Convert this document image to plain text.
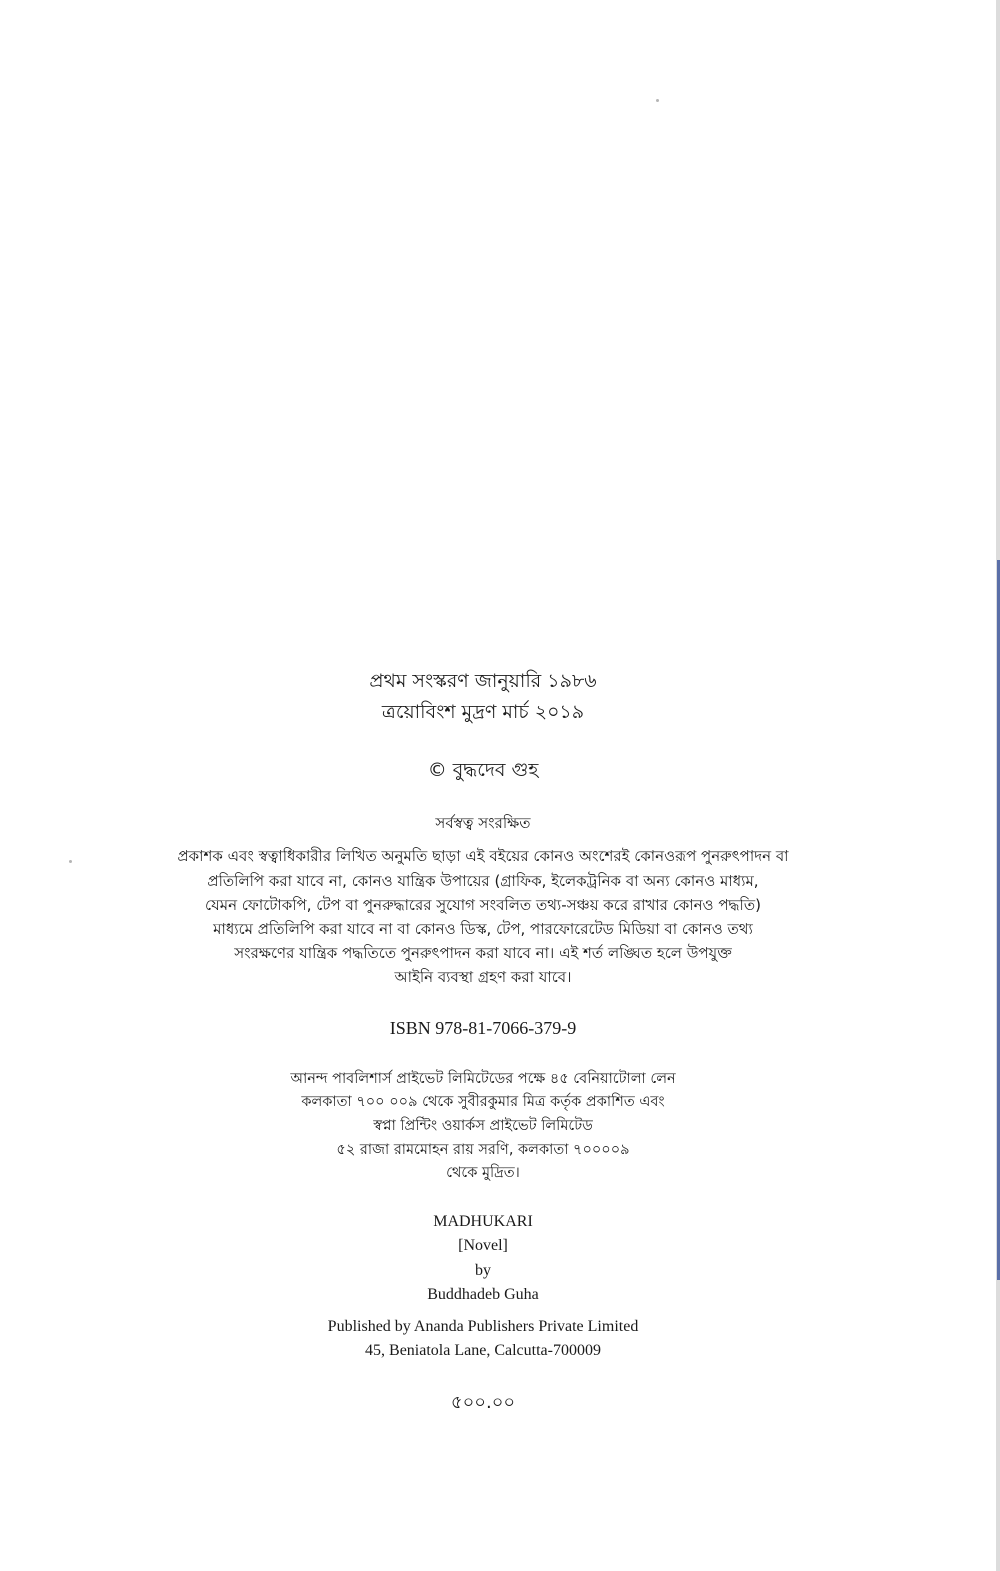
প্রথম সংস্করণ জানুয়ারি ১৯৮৬
ত্রয়োবিংশ মুদ্রণ মার্চ ২০১৯
© বুদ্ধদেব গুহ
সর্বস্বত্ব সংরক্ষিত
প্রকাশক এবং স্বত্বাধিকারীর লিখিত অনুমতি ছাড়া এই বইয়ের কোনও অংশেরই কোনওরূপ পুনরুৎপাদন বা
প্রতিলিপি করা যাবে না, কোনও যান্ত্রিক উপায়ের (গ্রাফিক, ইলেকট্রনিক বা অন্য কোনও মাধ্যম,
যেমন ফোটোকপি, টেপ বা পুনরুদ্ধারের সুযোগ সংবলিত তথ্য-সঞ্চয় করে রাখার কোনও পদ্ধতি)
মাধ্যমে প্রতিলিপি করা যাবে না বা কোনও ডিস্ক, টেপ, পারফোরেটেড মিডিয়া বা কোনও তথ্য
সংরক্ষণের যান্ত্রিক পদ্ধতিতে পুনরুৎপাদন করা যাবে না। এই শর্ত লঙ্ঘিত হলে উপযুক্ত
আইনি ব্যবস্থা গ্রহণ করা যাবে।
ISBN 978-81-7066-379-9
আনন্দ পাবলিশার্স প্রাইভেট লিমিটেডের পক্ষে ৪৫ বেনিয়াটোলা লেন
কলকাতা ৭০০ ০০৯ থেকে সুবীরকুমার মিত্র কর্তৃক প্রকাশিত এবং
স্বপ্না প্রিন্টিং ওয়ার্কস প্রাইভেট লিমিটেড
৫২ রাজা রামমোহন রায় সরণি, কলকাতা ৭০০০০৯
থেকে মুদ্রিত।
MADHUKARI
[Novel]
by
Buddhadeb Guha
Published by Ananda Publishers Private Limited
45, Beniatola Lane, Calcutta-700009
৫০০.০০
